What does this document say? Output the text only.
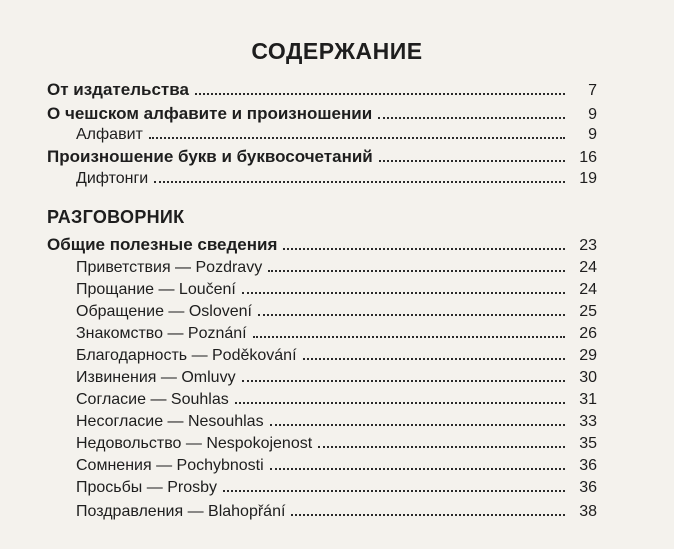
СОДЕРЖАНИЕ
От издательства	7
О чешском алфавите и произношении	9
Алфавит	9
Произношение букв и буквосочетаний	16
Дифтонги	19
РАЗГОВОРНИК
Общие полезные сведения	23
Приветствия — Pozdravy	24
Прощание — Loučení	24
Обращение — Oslovení	25
Знакомство — Poznání	26
Благодарность — Poděkování	29
Извинения — Omluvy	30
Согласие — Souhlas	31
Несогласие — Nesouhlas	33
Недовольство — Nespokojenost	35
Сомнения — Pochybnosti	36
Просьбы — Prosby	36
Поздравления — Blahopřání	38
